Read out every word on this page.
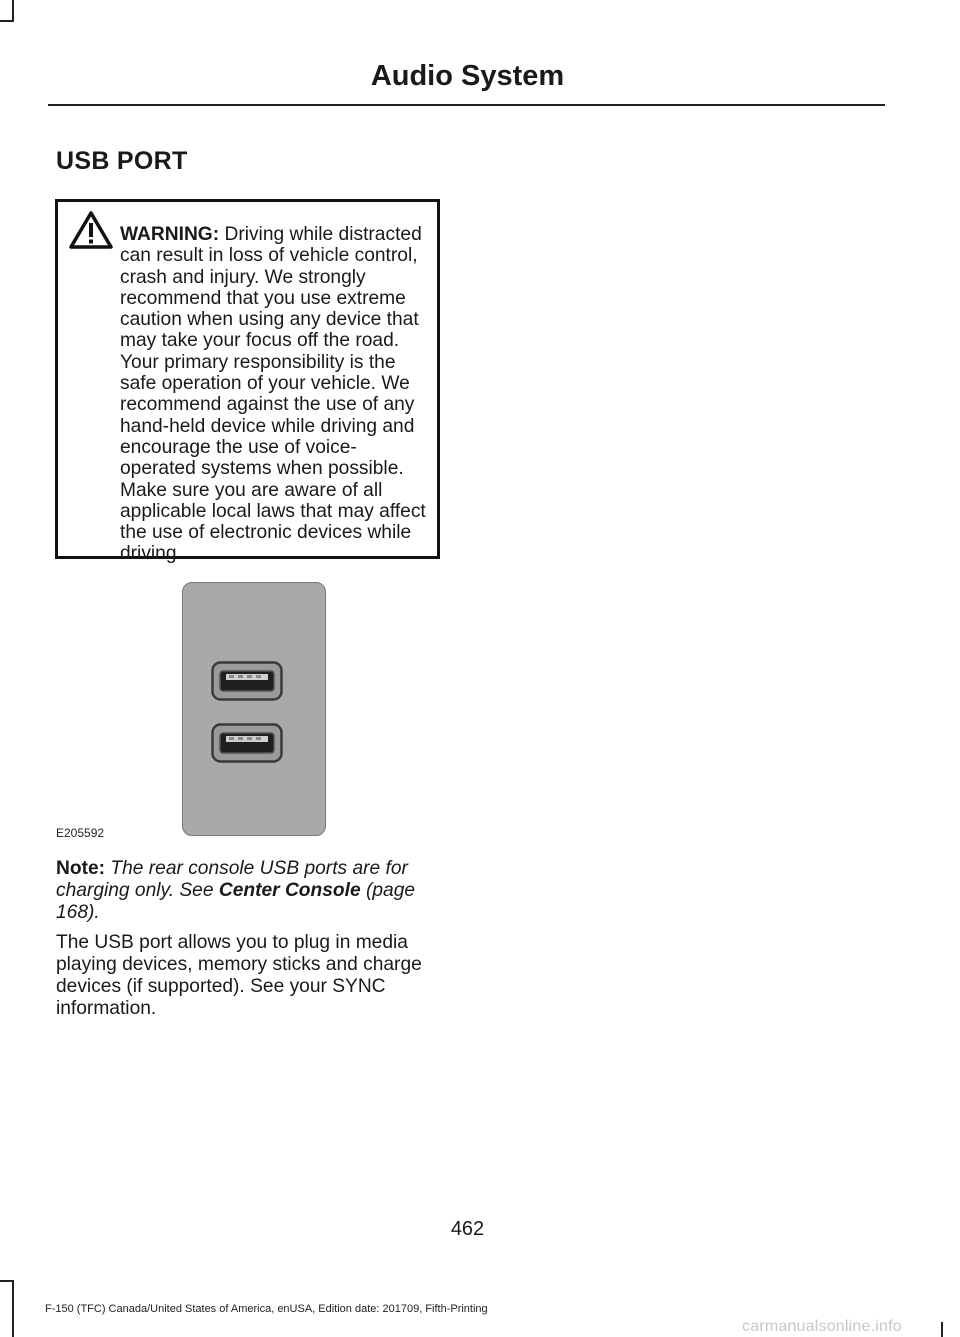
Audio System
USB PORT
WARNING: Driving while distracted can result in loss of vehicle control, crash and injury. We strongly recommend that you use extreme caution when using any device that may take your focus off the road. Your primary responsibility is the safe operation of your vehicle. We recommend against the use of any hand-held device while driving and encourage the use of voice-operated systems when possible. Make sure you are aware of all applicable local laws that may affect the use of electronic devices while driving.
E205592
Note: The rear console USB ports are for charging only. See Center Console (page 168).
The USB port allows you to plug in media playing devices, memory sticks and charge devices (if supported). See your SYNC information.
462
F-150 (TFC) Canada/United States of America, enUSA, Edition date: 201709, Fifth-Printing
carmanualsonline.info
